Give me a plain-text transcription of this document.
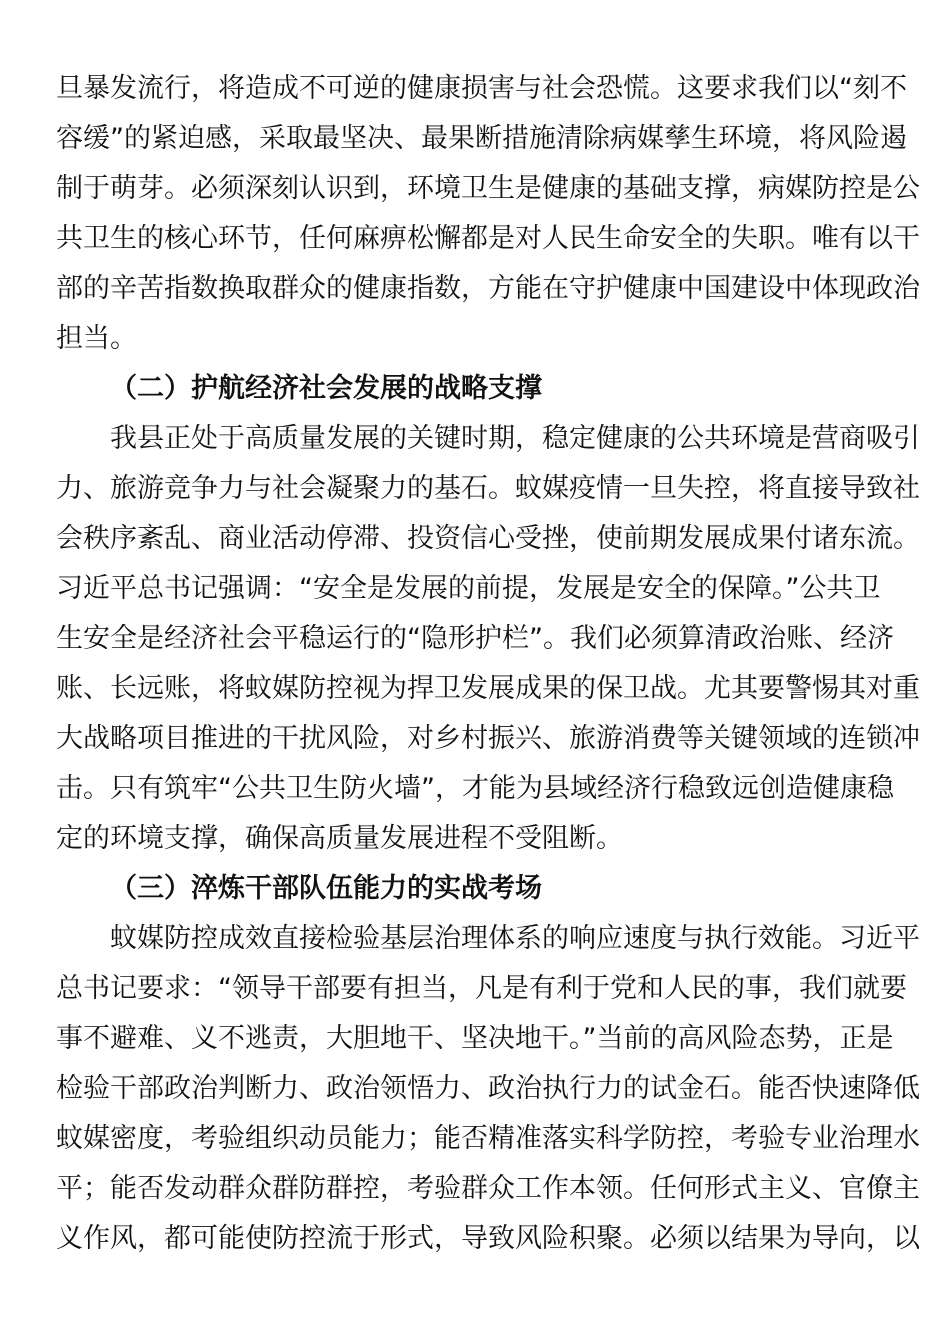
旦暴发流行，将造成不可逆的健康损害与社会恐慌。这要求我们以“刻不
容缓”的紧迫感，采取最坚决、最果断措施清除病媒孳生环境，将风险遏
制于萌芽。必须深刻认识到，环境卫生是健康的基础支撑，病媒防控是公
共卫生的核心环节，任何麻痹松懈都是对人民生命安全的失职。唯有以干
部的辛苦指数换取群众的健康指数，方能在守护健康中国建设中体现政治
担当。
（二）护航经济社会发展的战略支撑
我县正处于高质量发展的关键时期，稳定健康的公共环境是营商吸引
力、旅游竞争力与社会凝聚力的基石。蚊媒疫情一旦失控，将直接导致社
会秩序紊乱、商业活动停滞、投资信心受挫，使前期发展成果付诸东流。
习近平总书记强调：“安全是发展的前提，发展是安全的保障。”公共卫
生安全是经济社会平稳运行的“隐形护栏”。我们必须算清政治账、经济
账、长远账，将蚊媒防控视为捍卫发展成果的保卫战。尤其要警惕其对重
大战略项目推进的干扰风险，对乡村振兴、旅游消费等关键领域的连锁冲
击。只有筑牢“公共卫生防火墙”，才能为县域经济行稳致远创造健康稳
定的环境支撑，确保高质量发展进程不受阻断。
（三）淬炼干部队伍能力的实战考场
蚊媒防控成效直接检验基层治理体系的响应速度与执行效能。习近平
总书记要求：“领导干部要有担当，凡是有利于党和人民的事，我们就要
事不避难、义不逃责，大胆地干、坚决地干。”当前的高风险态势，正是
检验干部政治判断力、政治领悟力、政治执行力的试金石。能否快速降低
蚊媒密度，考验组织动员能力；能否精准落实科学防控，考验专业治理水
平；能否发动群众群防群控，考验群众工作本领。任何形式主义、官僚主
义作风，都可能使防控流于形式，导致风险积聚。必须以结果为导向，以
